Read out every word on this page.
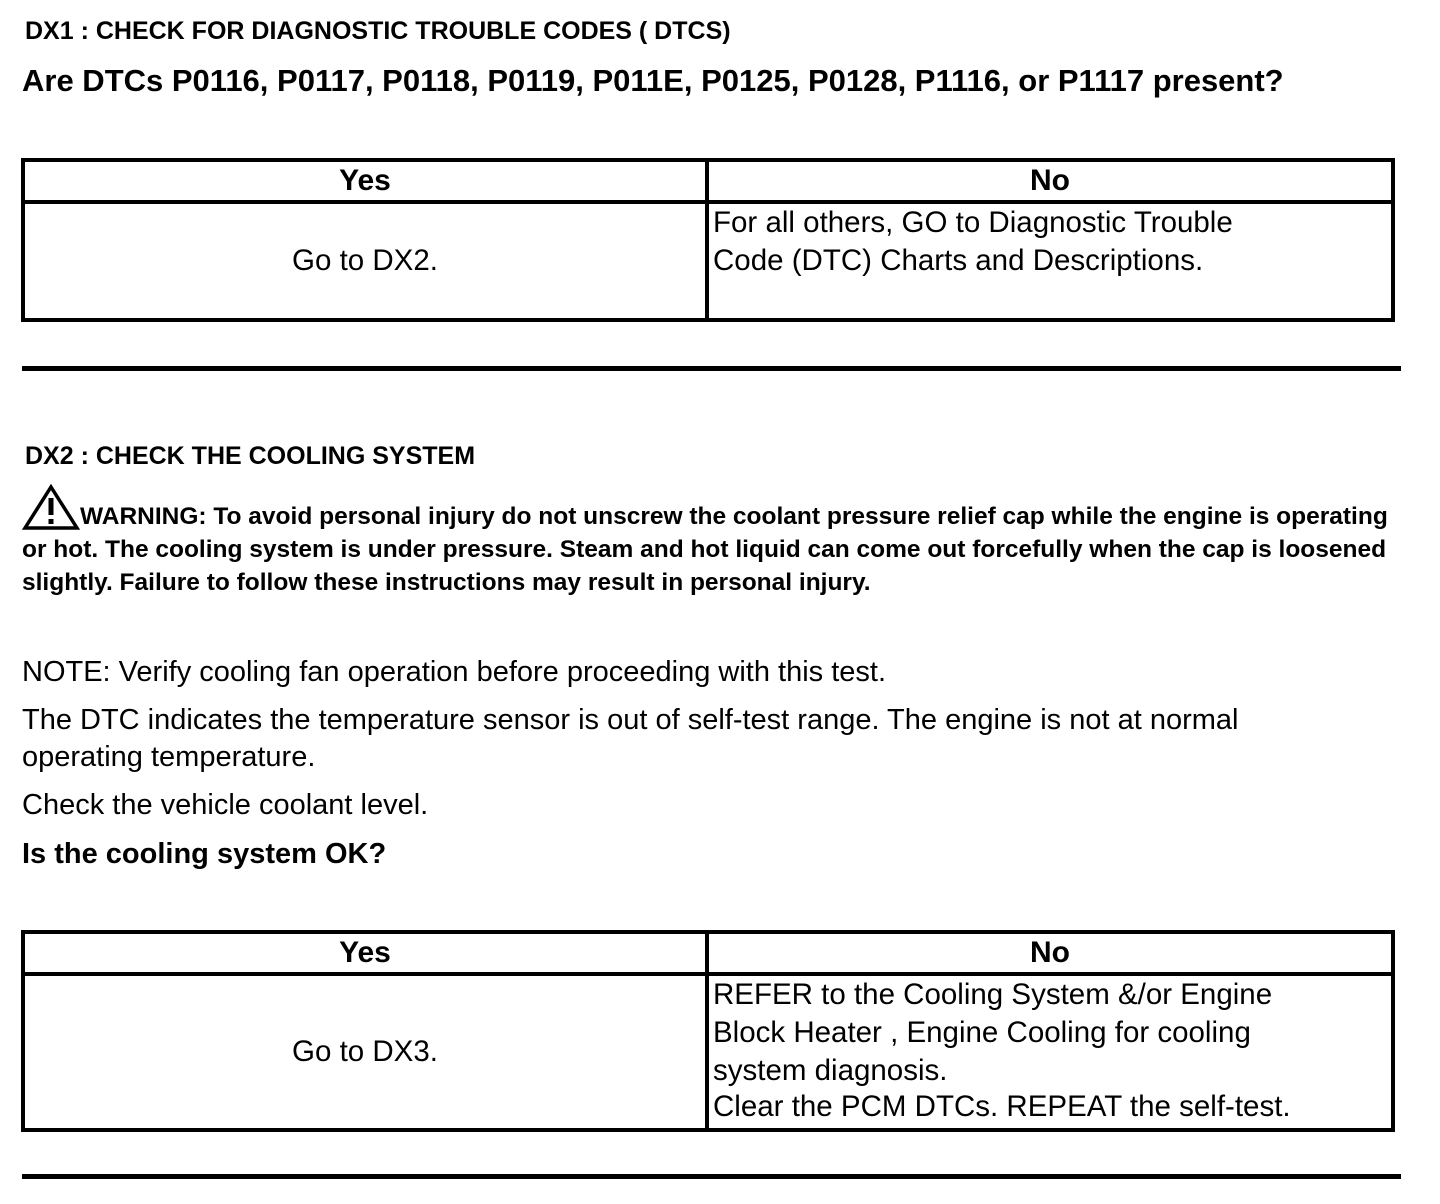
DX1 : CHECK FOR DIAGNOSTIC TROUBLE CODES ( DTCS)
Are DTCs P0116, P0117, P0118, P0119, P011E, P0125, P0128, P1116, or P1117 present?
Yes	No
Go to DX2.	For all others, GO to Diagnostic Trouble
Code (DTC) Charts and Descriptions.
DX2 : CHECK THE COOLING SYSTEM
WARNING: To avoid personal injury do not unscrew the coolant pressure relief cap while the engine is operating or hot. The cooling system is under pressure. Steam and hot liquid can come out forcefully when the cap is loosened slightly. Failure to follow these instructions may result in personal injury.
NOTE: Verify cooling fan operation before proceeding with this test.
The DTC indicates the temperature sensor is out of self-test range. The engine is not at normal operating temperature.
Check the vehicle coolant level.
Is the cooling system OK?
Yes	No
Go to DX3.	REFER to the Cooling System &/or Engine
Block Heater , Engine Cooling for cooling
system diagnosis.
Clear the PCM DTCs. REPEAT the self-test.
